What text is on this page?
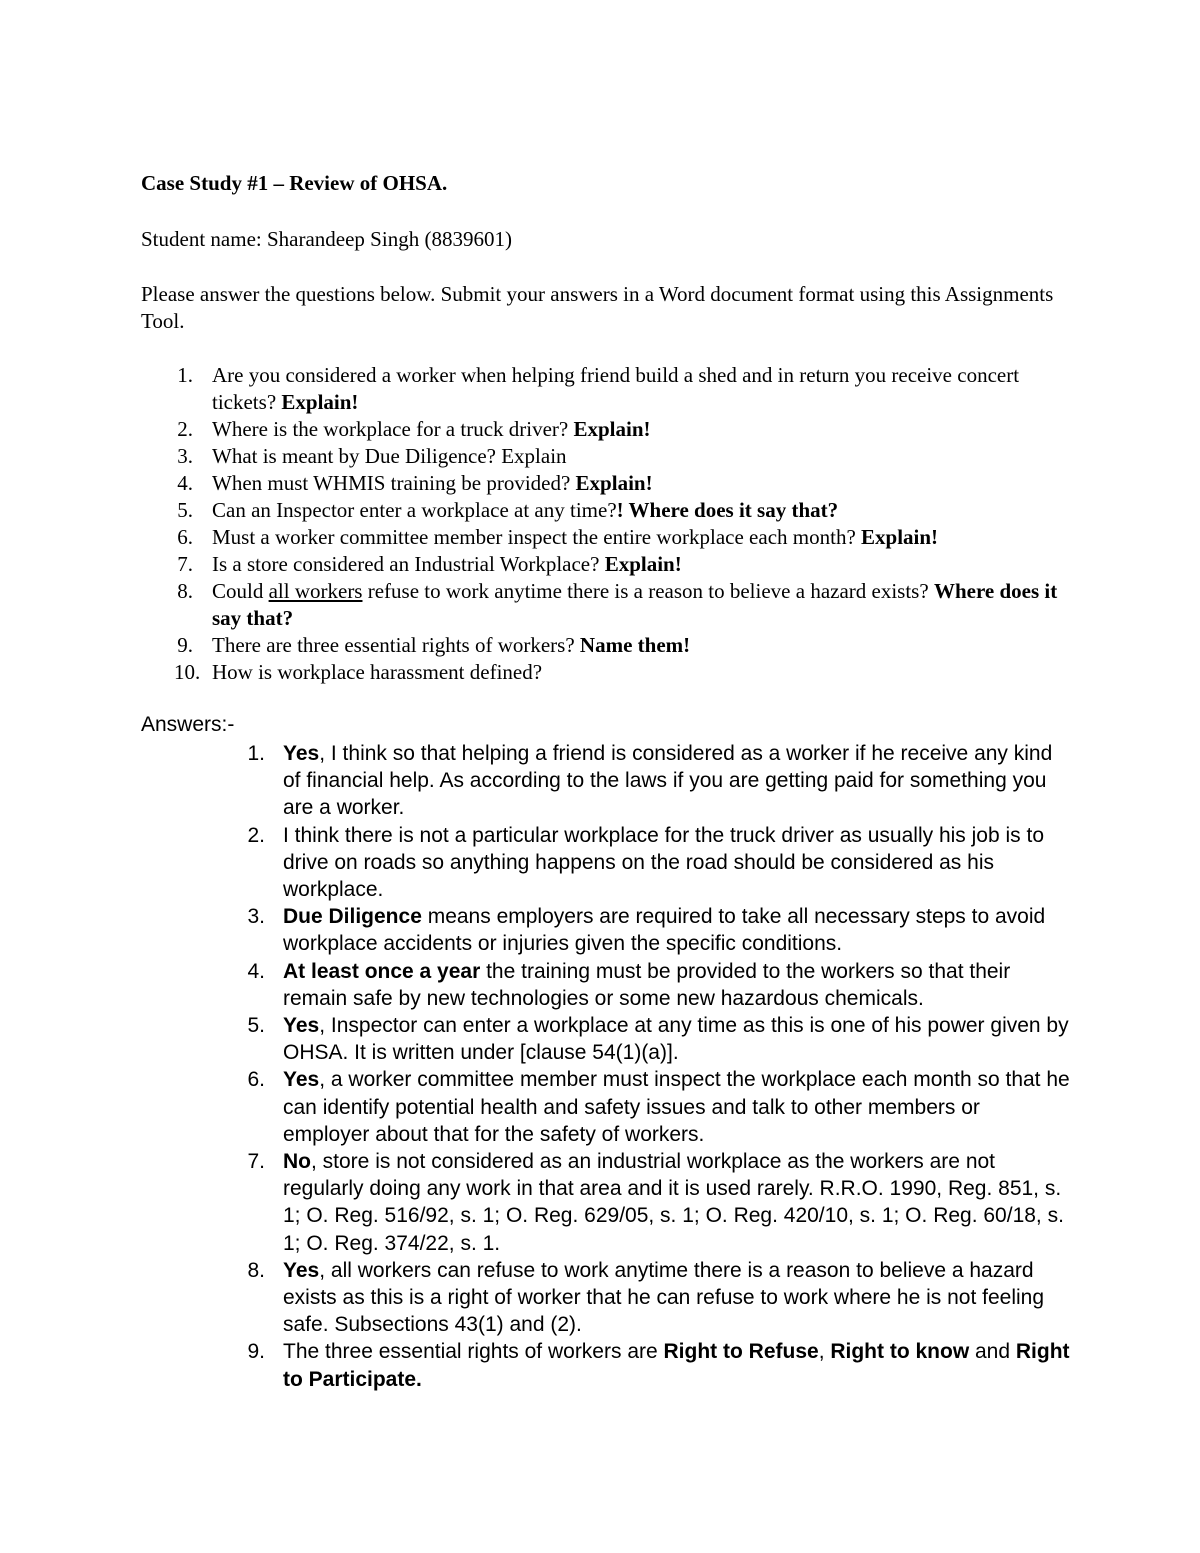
Case Study #1 – Review of OHSA.
Student name: Sharandeep Singh (8839601)
Please answer the questions below. Submit your answers in a Word document format using this Assignments Tool.
1. Are you considered a worker when helping friend build a shed and in return you receive concert tickets? Explain!
2. Where is the workplace for a truck driver? Explain!
3. What is meant by Due Diligence? Explain
4. When must WHMIS training be provided? Explain!
5. Can an Inspector enter a workplace at any time?! Where does it say that?
6. Must a worker committee member inspect the entire workplace each month? Explain!
7. Is a store considered an Industrial Workplace? Explain!
8. Could all workers refuse to work anytime there is a reason to believe a hazard exists? Where does it say that?
9. There are three essential rights of workers? Name them!
10. How is workplace harassment defined?
Answers:-
1. Yes, I think so that helping a friend is considered as a worker if he receive any kind of financial help. As according to the laws if you are getting paid for something you are a worker.
2. I think there is not a particular workplace for the truck driver as usually his job is to drive on roads so anything happens on the road should be considered as his workplace.
3. Due Diligence means employers are required to take all necessary steps to avoid workplace accidents or injuries given the specific conditions.
4. At least once a year the training must be provided to the workers so that their remain safe by new technologies or some new hazardous chemicals.
5. Yes, Inspector can enter a workplace at any time as this is one of his power given by OHSA. It is written under [clause 54(1)(a)].
6. Yes, a worker committee member must inspect the workplace each month so that he can identify potential health and safety issues and talk to other members or employer about that for the safety of workers.
7. No, store is not considered as an industrial workplace as the workers are not regularly doing any work in that area and it is used rarely. R.R.O. 1990, Reg. 851, s. 1; O. Reg. 516/92, s. 1; O. Reg. 629/05, s. 1; O. Reg. 420/10, s. 1; O. Reg. 60/18, s. 1; O. Reg. 374/22, s. 1.
8. Yes, all workers can refuse to work anytime there is a reason to believe a hazard exists as this is a right of worker that he can refuse to work where he is not feeling safe. Subsections 43(1) and (2).
9. The three essential rights of workers are Right to Refuse, Right to know and Right to Participate.
